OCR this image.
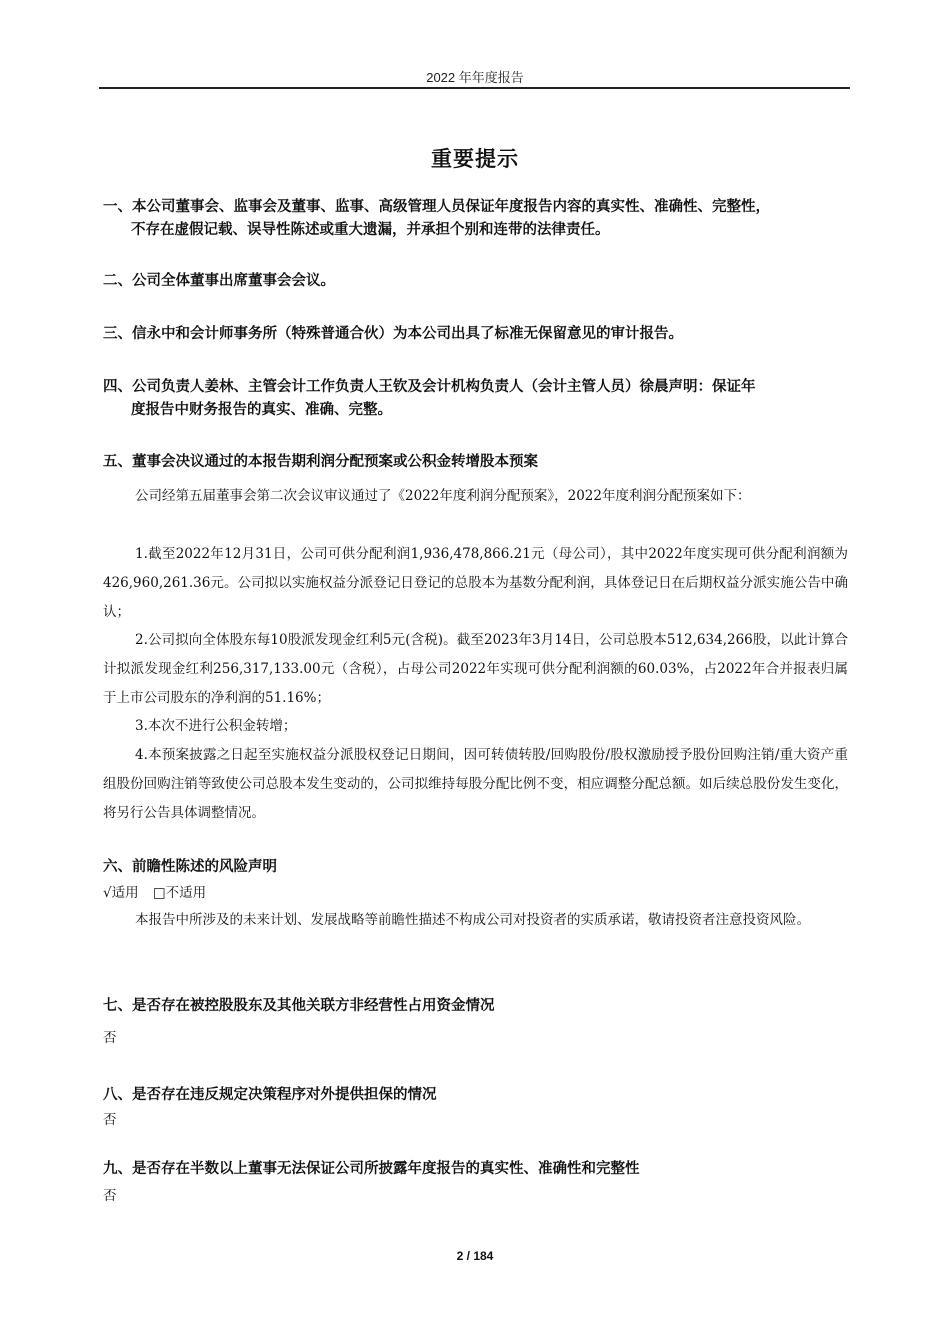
2022 年年度报告
重要提示
一、本公司董事会、监事会及董事、监事、高级管理人员保证年度报告内容的真实性、准确性、完整性，
不存在虚假记载、误导性陈述或重大遗漏，并承担个别和连带的法律责任。
二、公司全体董事出席董事会会议。
三、信永中和会计师事务所（特殊普通合伙）为本公司出具了标准无保留意见的审计报告。
四、公司负责人姜林、主管会计工作负责人王钦及会计机构负责人（会计主管人员）徐晨声明：保证年
度报告中财务报告的真实、准确、完整。
五、董事会决议通过的本报告期利润分配预案或公积金转增股本预案
公司经第五届董事会第二次会议审议通过了《2022年度利润分配预案》，2022年度利润分配预案如下：
1.截至2022年12月31日，公司可供分配利润1,936,478,866.21元（母公司），其中2022年度实现可供分配利润额为426,960,261.36元。公司拟以实施权益分派登记日登记的总股本为基数分配利润，具体登记日在后期权益分派实施公告中确认；
2.公司拟向全体股东每10股派发现金红利5元(含税)。截至2023年3月14日，公司总股本512,634,266股，以此计算合计拟派发现金红利256,317,133.00元（含税），占母公司2022年实现可供分配利润额的60.03%，占2022年合并报表归属于上市公司股东的净利润的51.16%；
3.本次不进行公积金转增；
4.本预案披露之日起至实施权益分派股权登记日期间，因可转债转股/回购股份/股权激励授予股份回购注销/重大资产重组股份回购注销等致使公司总股本发生变动的，公司拟维持每股分配比例不变，相应调整分配总额。如后续总股份发生变化，将另行公告具体调整情况。
六、前瞻性陈述的风险声明
√适用 □不适用
本报告中所涉及的未来计划、发展战略等前瞻性描述不构成公司对投资者的实质承诺，敬请投资者注意投资风险。
七、是否存在被控股股东及其他关联方非经营性占用资金情况
否
八、是否存在违反规定决策程序对外提供担保的情况
否
九、是否存在半数以上董事无法保证公司所披露年度报告的真实性、准确性和完整性
否
2 / 184
